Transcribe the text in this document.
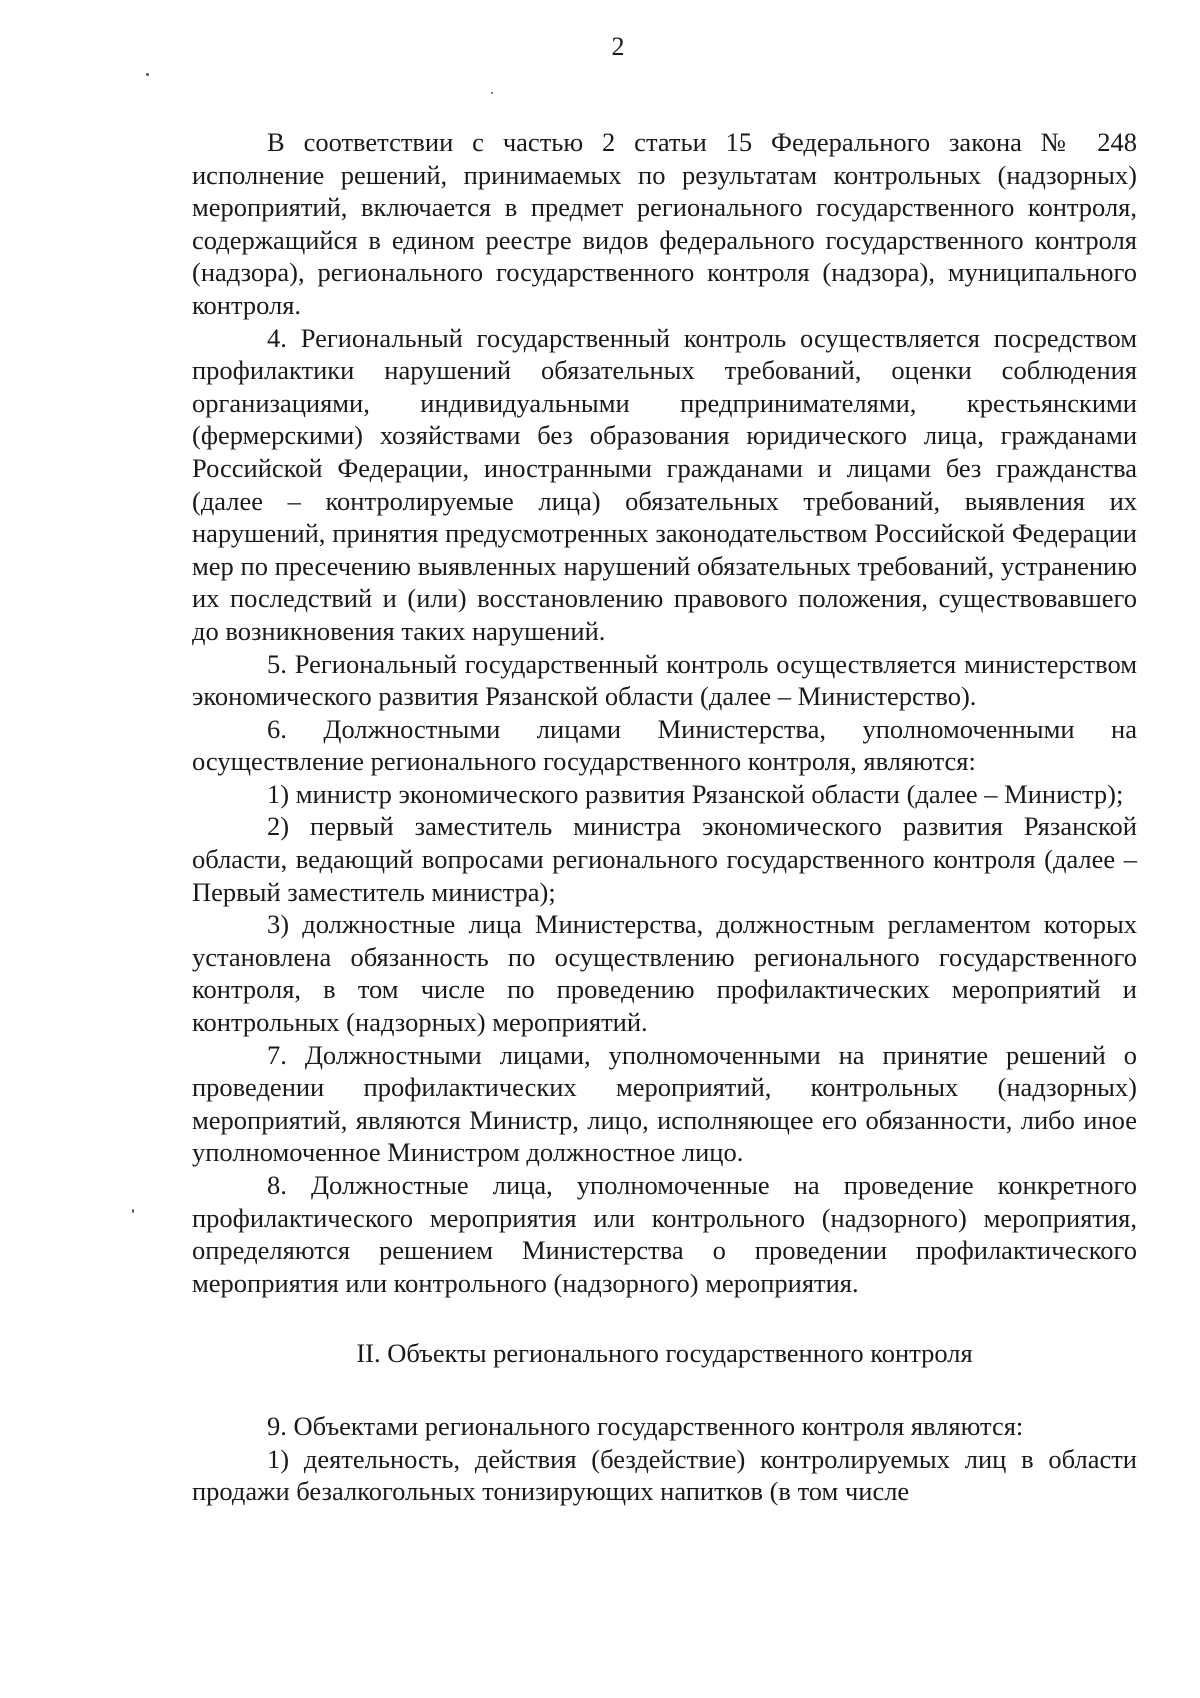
2

В соответствии с частью 2 статьи 15 Федерального закона № 248 исполнение решений, принимаемых по результатам контрольных (надзорных) мероприятий, включается в предмет регионального государственного контроля, содержащийся в едином реестре видов федерального государственного контроля (надзора), регионального государственного контроля (надзора), муниципального контроля.

4. Региональный государственный контроль осуществляется посредством профилактики нарушений обязательных требований, оценки соблюдения организациями, индивидуальными предпринимателями, крестьянскими (фермерскими) хозяйствами без образования юридического лица, гражданами Российской Федерации, иностранными гражданами и лицами без гражданства (далее – контролируемые лица) обязательных требований, выявления их нарушений, принятия предусмотренных законодательством Российской Федерации мер по пресечению выявленных нарушений обязательных требований, устранению их последствий и (или) восстановлению правового положения, существовавшего до возникновения таких нарушений.

5. Региональный государственный контроль осуществляется министерством экономического развития Рязанской области (далее – Министерство).

6. Должностными лицами Министерства, уполномоченными на осуществление регионального государственного контроля, являются:

1) министр экономического развития Рязанской области (далее – Министр);

2) первый заместитель министра экономического развития Рязанской области, ведающий вопросами регионального государственного контроля (далее – Первый заместитель министра);

3) должностные лица Министерства, должностным регламентом которых установлена обязанность по осуществлению регионального государственного контроля, в том числе по проведению профилактических мероприятий и контрольных (надзорных) мероприятий.

7. Должностными лицами, уполномоченными на принятие решений о проведении профилактических мероприятий, контрольных (надзорных) мероприятий, являются Министр, лицо, исполняющее его обязанности, либо иное уполномоченное Министром должностное лицо.

8. Должностные лица, уполномоченные на проведение конкретного профилактического мероприятия или контрольного (надзорного) мероприятия, определяются решением Министерства о проведении профилактического мероприятия или контрольного (надзорного) мероприятия.

II. Объекты регионального государственного контроля

9. Объектами регионального государственного контроля являются:

1) деятельность, действия (бездействие) контролируемых лиц в области продажи безалкогольных тонизирующих напитков (в том числе
